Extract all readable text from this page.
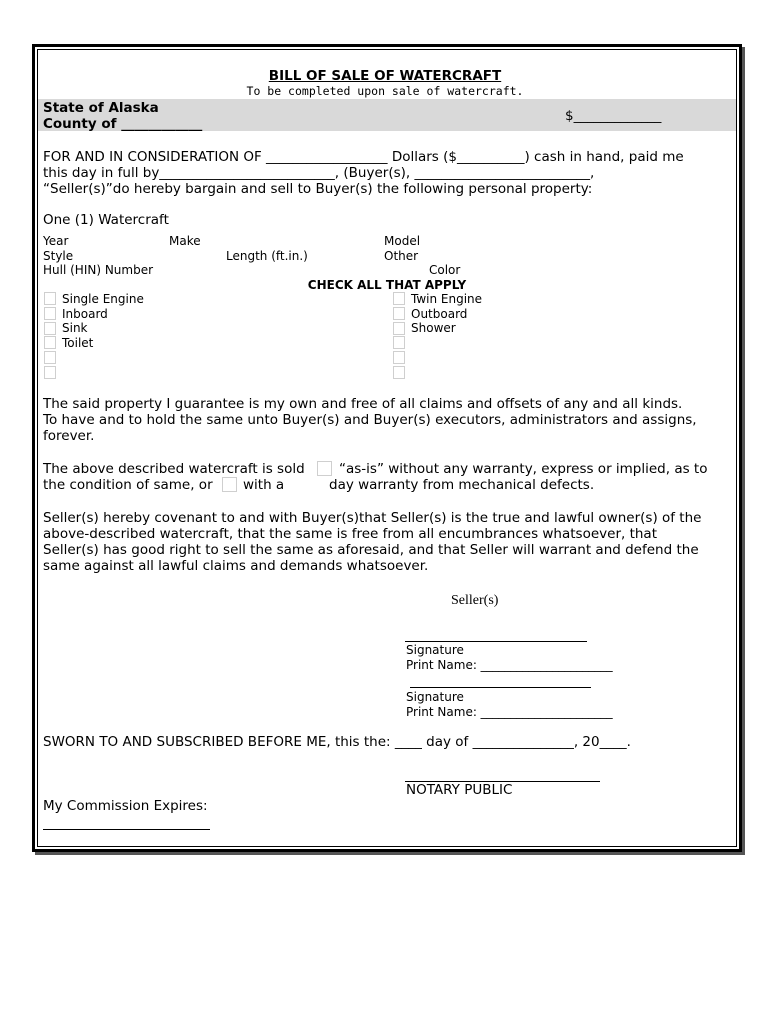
BILL OF SALE OF WATERCRAFT
To be completed upon sale of watercraft.
State of Alaska
County of ____________	$_____________
FOR AND IN CONSIDERATION OF __________________ Dollars ($__________) cash in hand, paid me
this day in full by__________________________, (Buyer(s), __________________________,
“Seller(s)”do hereby bargain and sell to Buyer(s) the following personal property:
One (1) Watercraft
Year	Make	Model
Style	Length (ft.in.)	Other
Hull (HIN) Number	Color
CHECK ALL THAT APPLY
Single Engine
Inboard
Sink
Toilet
Twin Engine
Outboard
Shower
The said property I guarantee is my own and free of all claims and offsets of any and all kinds.
To have and to hold the same unto Buyer(s) and Buyer(s) executors, administrators and assigns,
forever.
The above described watercraft is sold	“as-is” without any warranty, express or implied, as to
the condition of same, or with a	day warranty from mechanical defects.
Seller(s) hereby covenant to and with Buyer(s)that Seller(s) is the true and lawful owner(s) of the
above-described watercraft, that the same is free from all encumbrances whatsoever, that
Seller(s) has good right to sell the same as aforesaid, and that Seller will warrant and defend the
same against all lawful claims and demands whatsoever.
Seller(s)
Signature
Print Name: ______________________
Signature
Print Name: ______________________
SWORN TO AND SUBSCRIBED BEFORE ME, this the: ____ day of _______________, 20____.
NOTARY PUBLIC
My Commission Expires:
